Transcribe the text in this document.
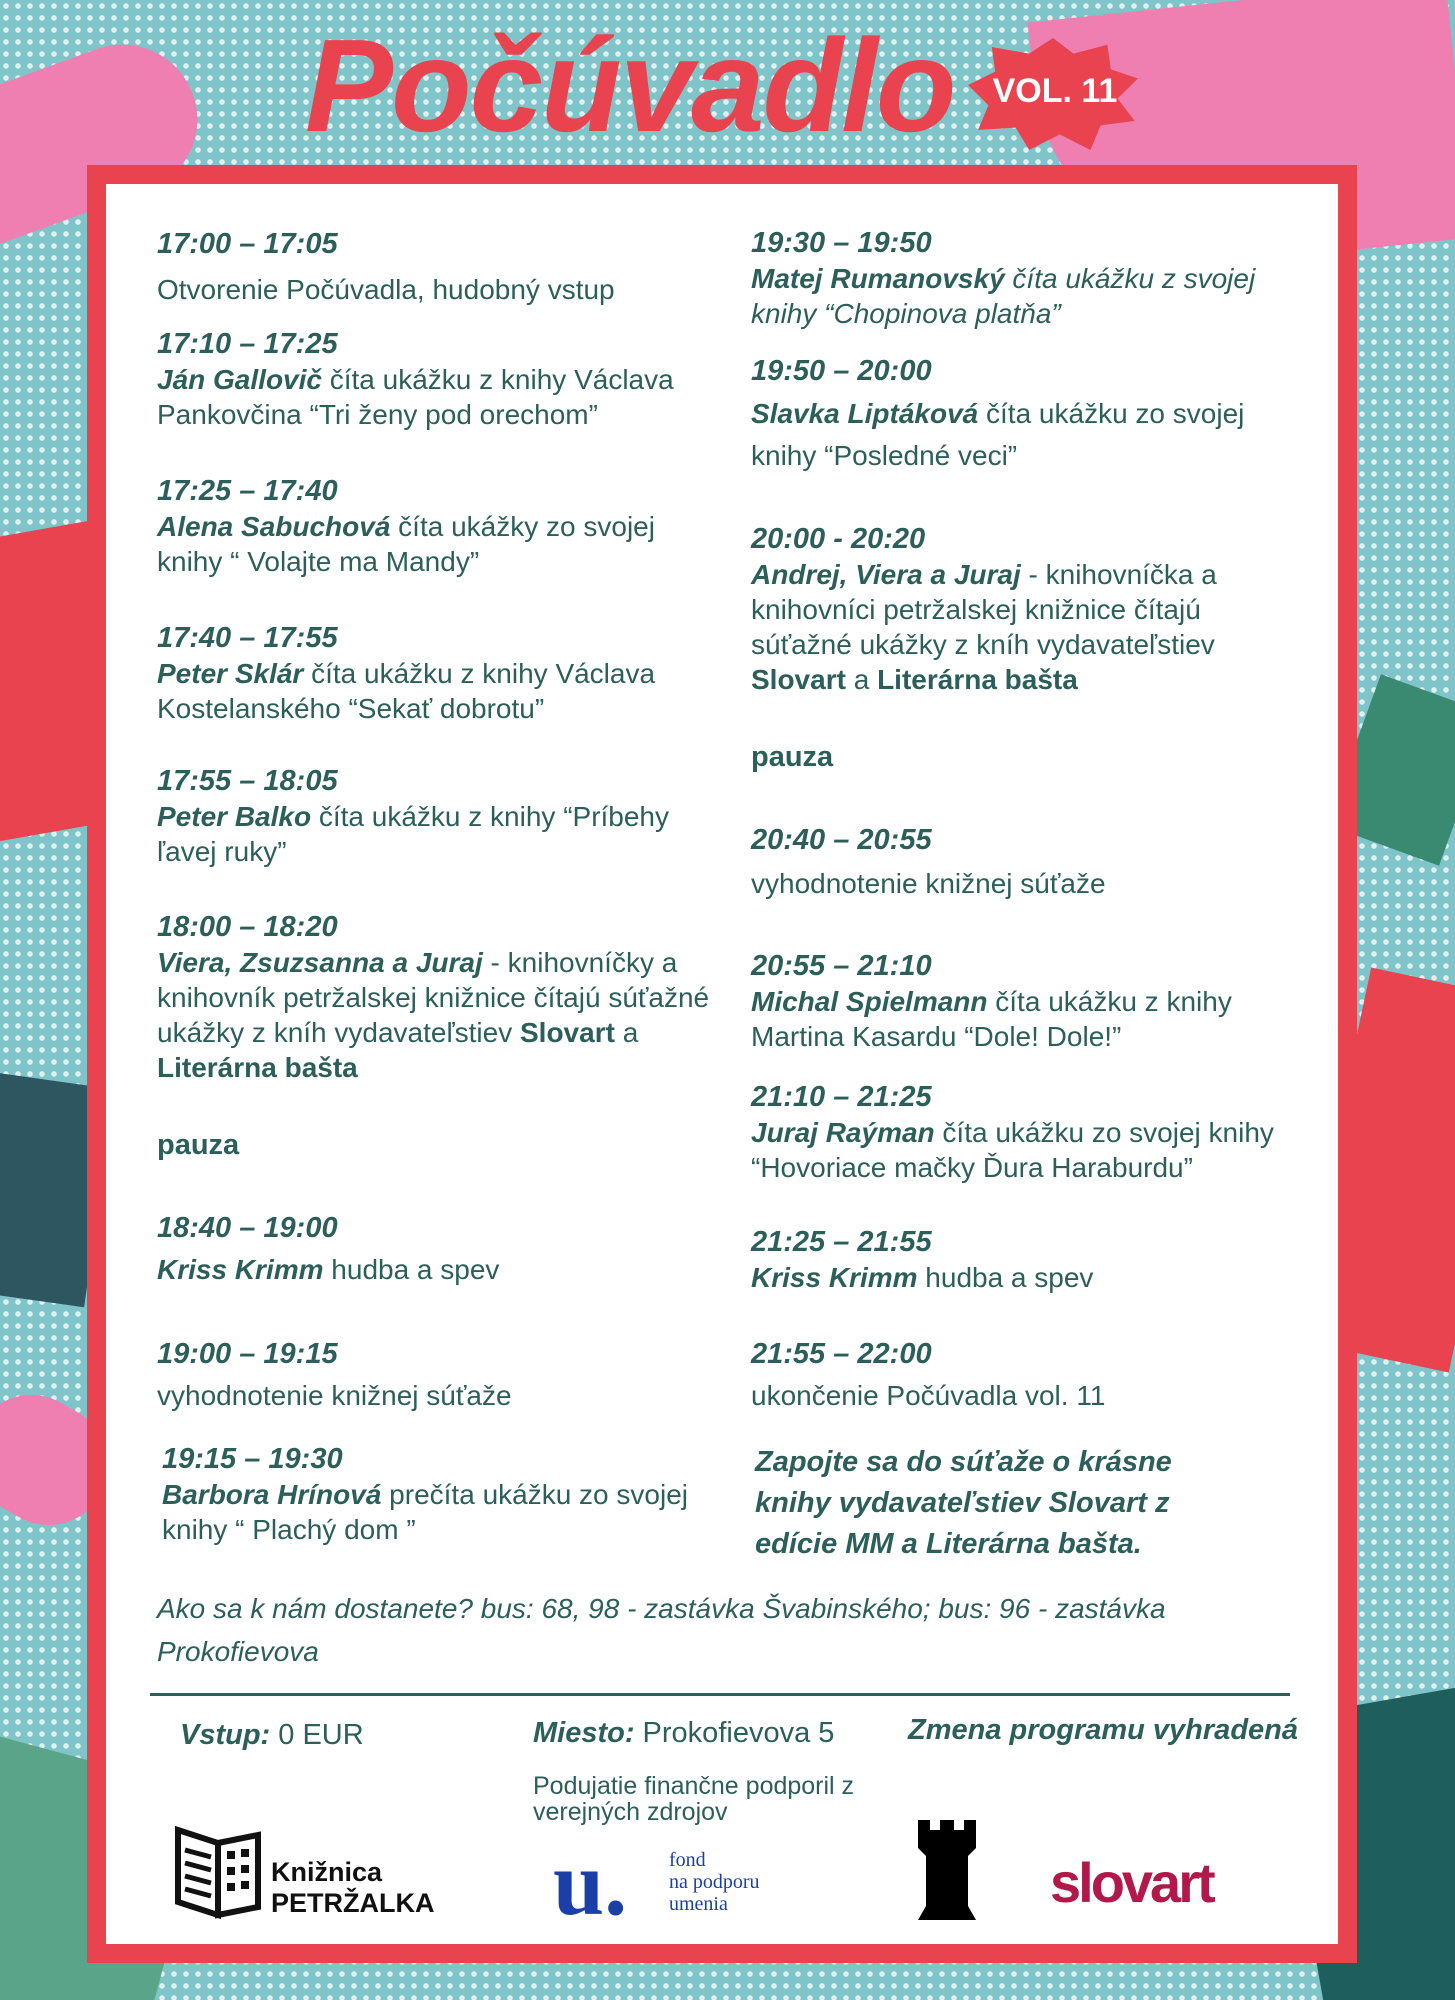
Počúvadlo	VOL. 11
17:00 – 17:05
Otvorenie Počúvadla, hudobný vstup
17:10 – 17:25
Ján Gallovič číta ukážku z knihy Václava Pankovčina “Tri ženy pod orechom”
17:25 – 17:40
Alena Sabuchová číta ukážky zo svojej knihy “ Volajte ma Mandy”
17:40 – 17:55
Peter Sklár číta ukážku z knihy Václava Kostelanského “Sekať dobrotu”
17:55 – 18:05
Peter Balko číta ukážku z knihy “Príbehy ľavej ruky”
18:00 – 18:20
Viera, Zsuzsanna a Juraj - knihovníčky a knihovník petržalskej knižnice čítajú súťažné ukážky z kníh vydavateľstiev Slovart a Literárna bašta
pauza
18:40 – 19:00
Kriss Krimm hudba a spev
19:00 – 19:15
vyhodnotenie knižnej súťaže
19:15 – 19:30
Barbora Hrínová prečíta ukážku zo svojej knihy “ Plachý dom ”
19:30 – 19:50
Matej Rumanovský číta ukážku z svojej knihy “Chopinova platňa”
19:50 – 20:00
Slavka Liptáková číta ukážku zo svojej knihy “Posledné veci”
20:00 - 20:20
Andrej, Viera a Juraj - knihovníčka a knihovníci petržalskej knižnice čítajú súťažné ukážky z kníh vydavateľstiev Slovart a Literárna bašta
pauza
20:40 – 20:55
vyhodnotenie knižnej súťaže
20:55 – 21:10
Michal Spielmann číta ukážku z knihy Martina Kasardu “Dole! Dole!”
21:10 – 21:25
Juraj Raýman číta ukážku zo svojej knihy “Hovoriace mačky Ďura Haraburdu”
21:25 – 21:55
Kriss Krimm hudba a spev
21:55 – 22:00
ukončenie Počúvadla vol. 11
Zapojte sa do súťaže o krásne knihy vydavateľstiev Slovart z edície MM a Literárna bašta.
Ako sa k nám dostanete? bus: 68, 98 - zastávka Švabinského; bus: 96 - zastávka Prokofievova
Vstup: 0 EUR	Miesto: Prokofievova 5	Zmena programu vyhradená
Podujatie finančne podporil z verejných zdrojov
Knižnica
PETRŽALKA u. fond
na podporu
umenia	slovart
